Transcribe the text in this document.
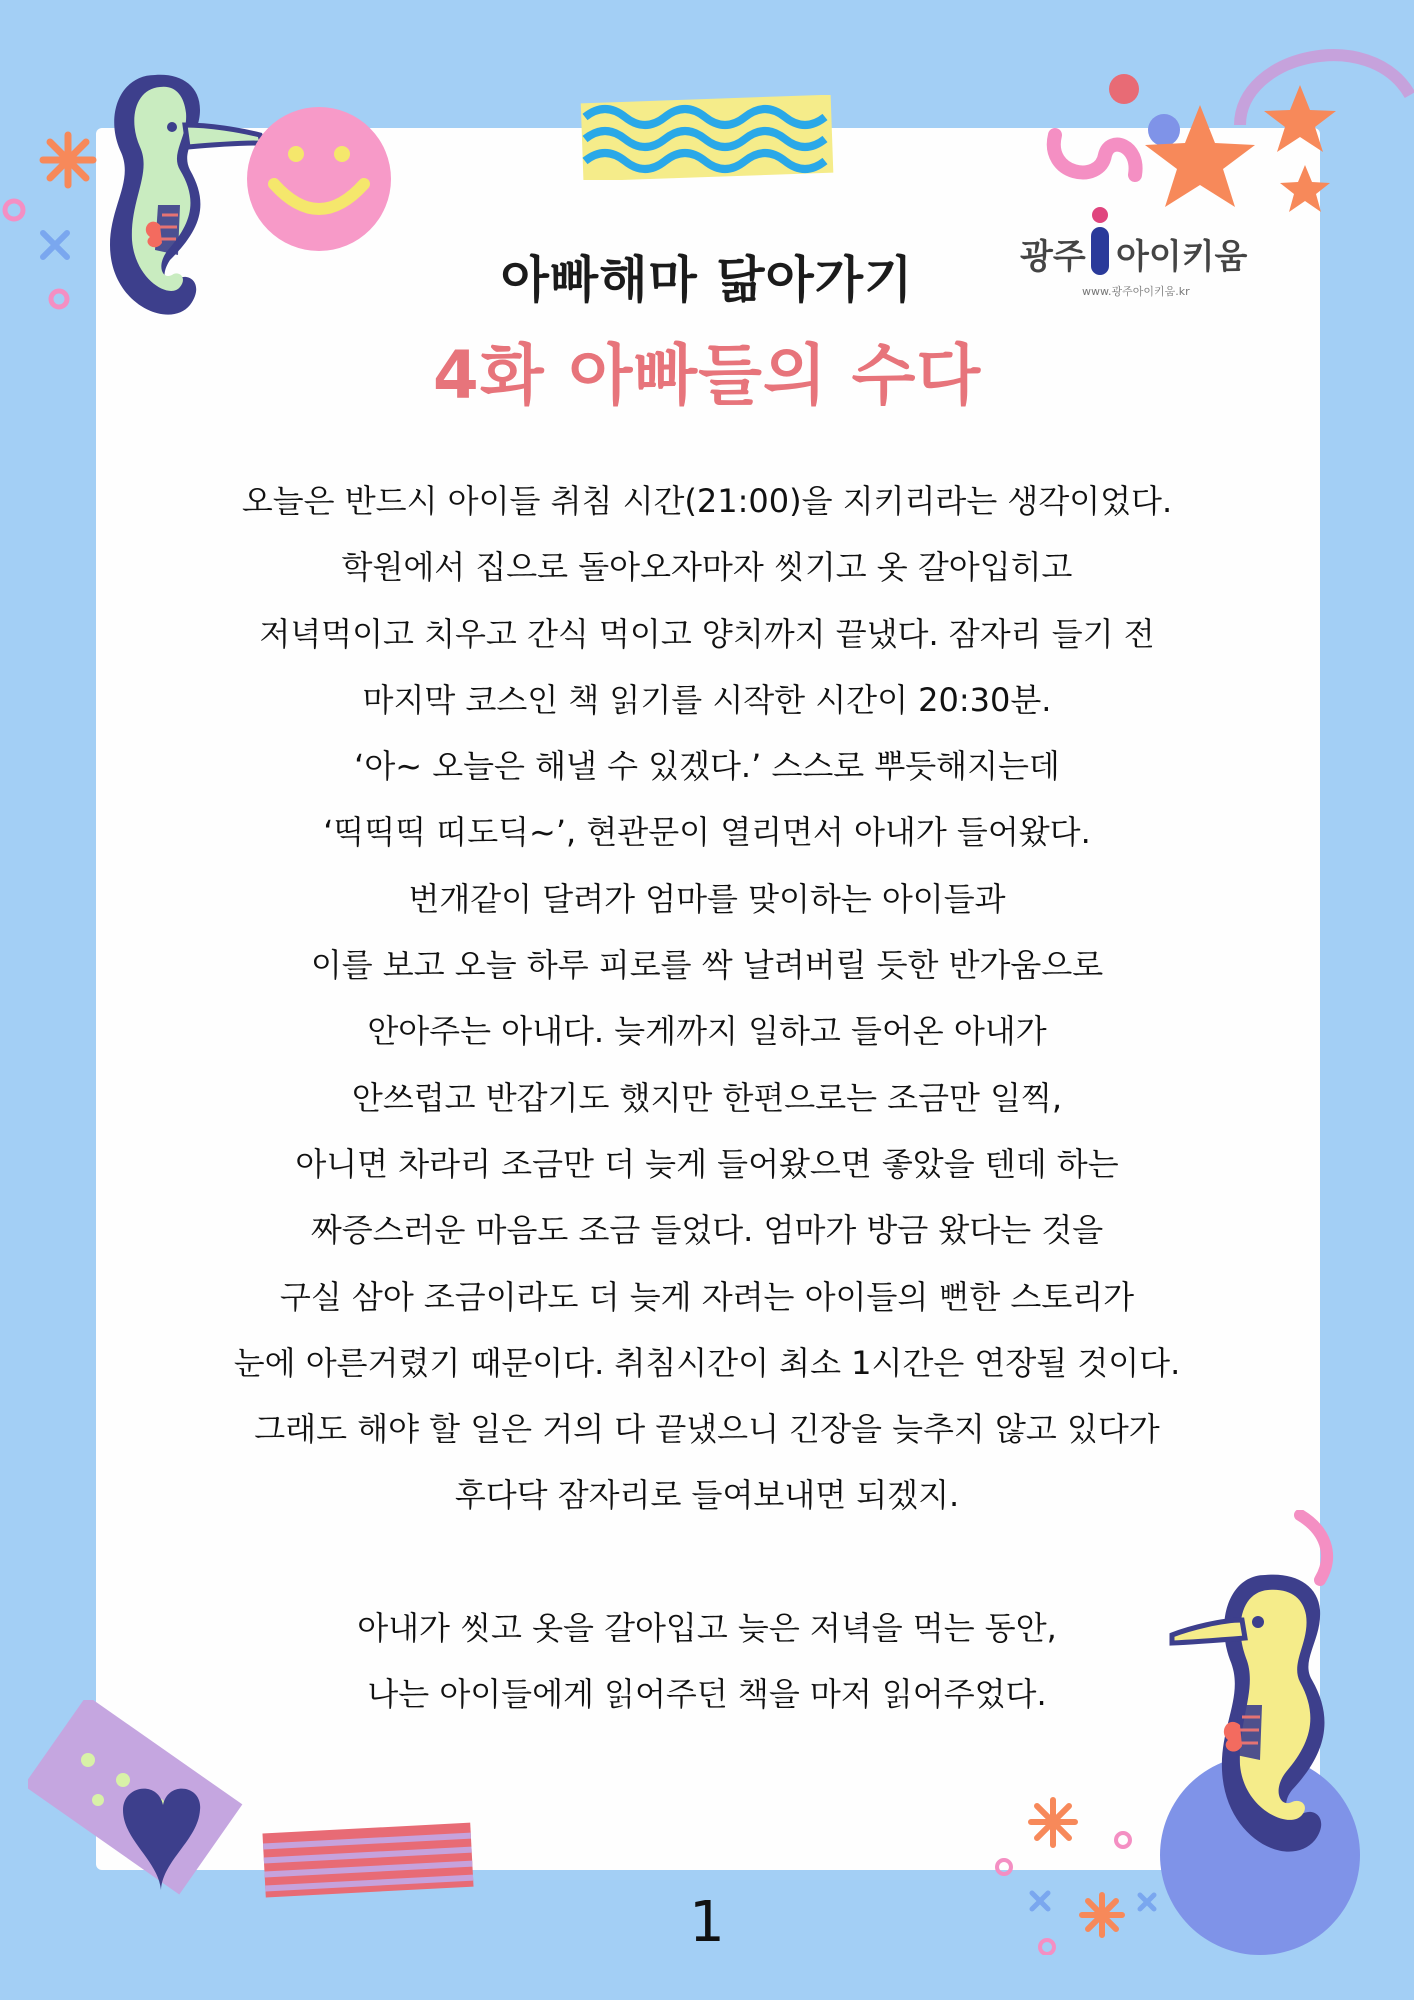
광주 아이키움
www.광주아이키움.kr
아빠해마 닮아가기
4화 아빠들의 수다

오늘은 반드시 아이들 취침 시간(21:00)을 지키리라는 생각이었다.

학원에서 집으로 돌아오자마자 씻기고 옷 갈아입히고

저녁먹이고 치우고 간식 먹이고 양치까지 끝냈다. 잠자리 들기 전

마지막 코스인 책 읽기를 시작한 시간이 20:30분.

‘아~ 오늘은 해낼 수 있겠다.’ 스스로 뿌듯해지는데

‘띡띡띡 띠도딕~’, 현관문이 열리면서 아내가 들어왔다.

번개같이 달려가 엄마를 맞이하는 아이들과

이를 보고 오늘 하루 피로를 싹 날려버릴 듯한 반가움으로

안아주는 아내다. 늦게까지 일하고 들어온 아내가

안쓰럽고 반갑기도 했지만 한편으로는 조금만 일찍,

아니면 차라리 조금만 더 늦게 들어왔으면 좋았을 텐데 하는

짜증스러운 마음도 조금 들었다. 엄마가 방금 왔다는 것을

구실 삼아 조금이라도 더 늦게 자려는 아이들의 뻔한 스토리가

눈에 아른거렸기 때문이다. 취침시간이 최소 1시간은 연장될 것이다.

그래도 해야 할 일은 거의 다 끝냈으니 긴장을 늦추지 않고 있다가

후다닥 잠자리로 들여보내면 되겠지.

아내가 씻고 옷을 갈아입고 늦은 저녁을 먹는 동안,

나는 아이들에게 읽어주던 책을 마저 읽어주었다.

1
